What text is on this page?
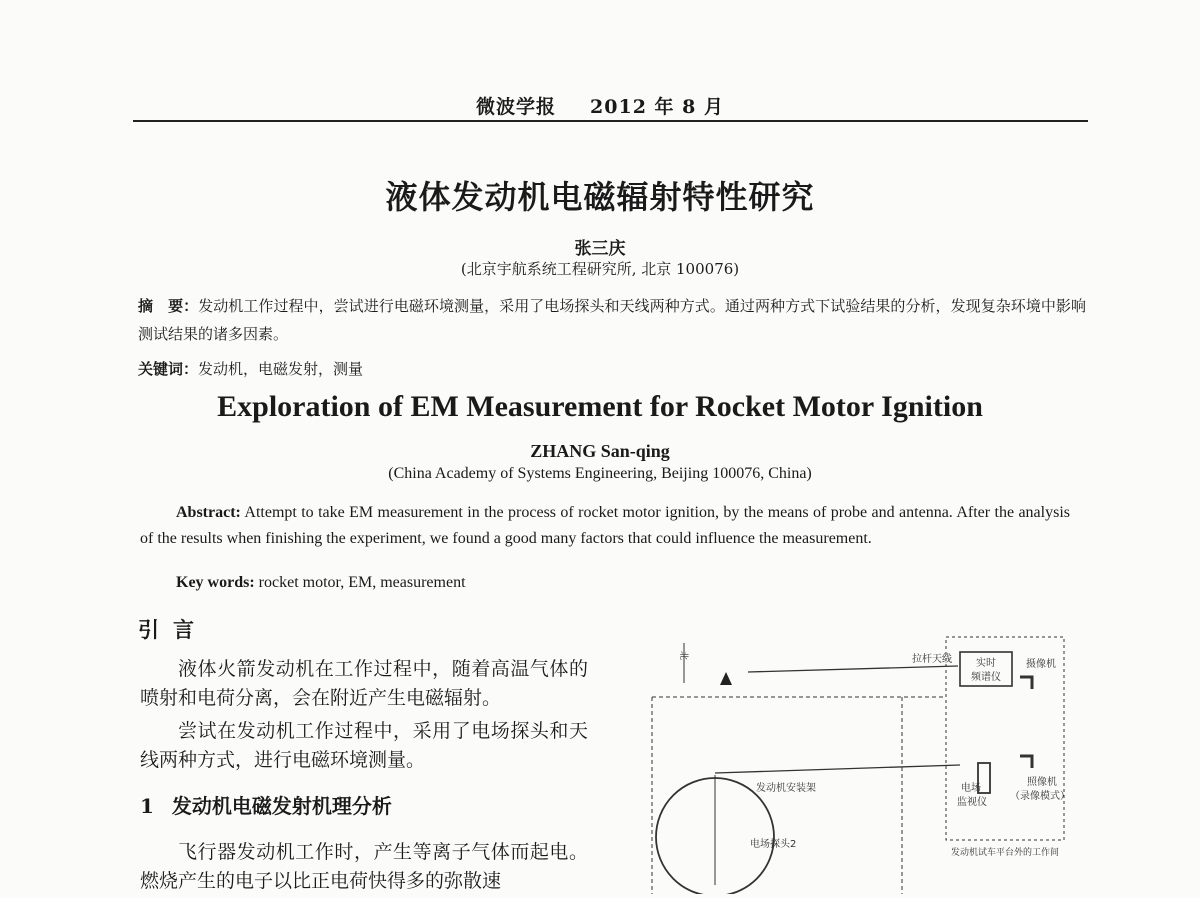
微波学报 2012 年 8 月
液体发动机电磁辐射特性研究
张三庆
(北京宇航系统工程研究所, 北京 100076)
摘　要：发动机工作过程中，尝试进行电磁环境测量，采用了电场探头和天线两种方式。通过两种方式下试验结果的分析，发现复杂环境中影响测试结果的诸多因素。
关键词：发动机，电磁发射，测量
Exploration of EM Measurement for Rocket Motor Ignition
ZHANG San-qing
(China Academy of Systems Engineering, Beijing 100076, China)
Abstract: Attempt to take EM measurement in the process of rocket motor ignition, by the means of probe and antenna. After the analysis of the results when finishing the experiment, we found a good many factors that could influence the measurement.
Key words: rocket motor, EM, measurement
引言
液体火箭发动机在工作过程中，随着高温气体的喷射和电荷分离，会在附近产生电磁辐射。
尝试在发动机工作过程中，采用了电场探头和天线两种方式，进行电磁环境测量。
1 发动机电磁发射机理分析
飞行器发动机工作时，产生等离子气体而起电。燃烧产生的电子以比正电荷快得多的弥散速
北	拉杆天线 实时
频谱仪
摄像机
发动机安装架	电场
监视仪
照像机
（录像模式）
电场探头2
发动机试车平台外的工作间
